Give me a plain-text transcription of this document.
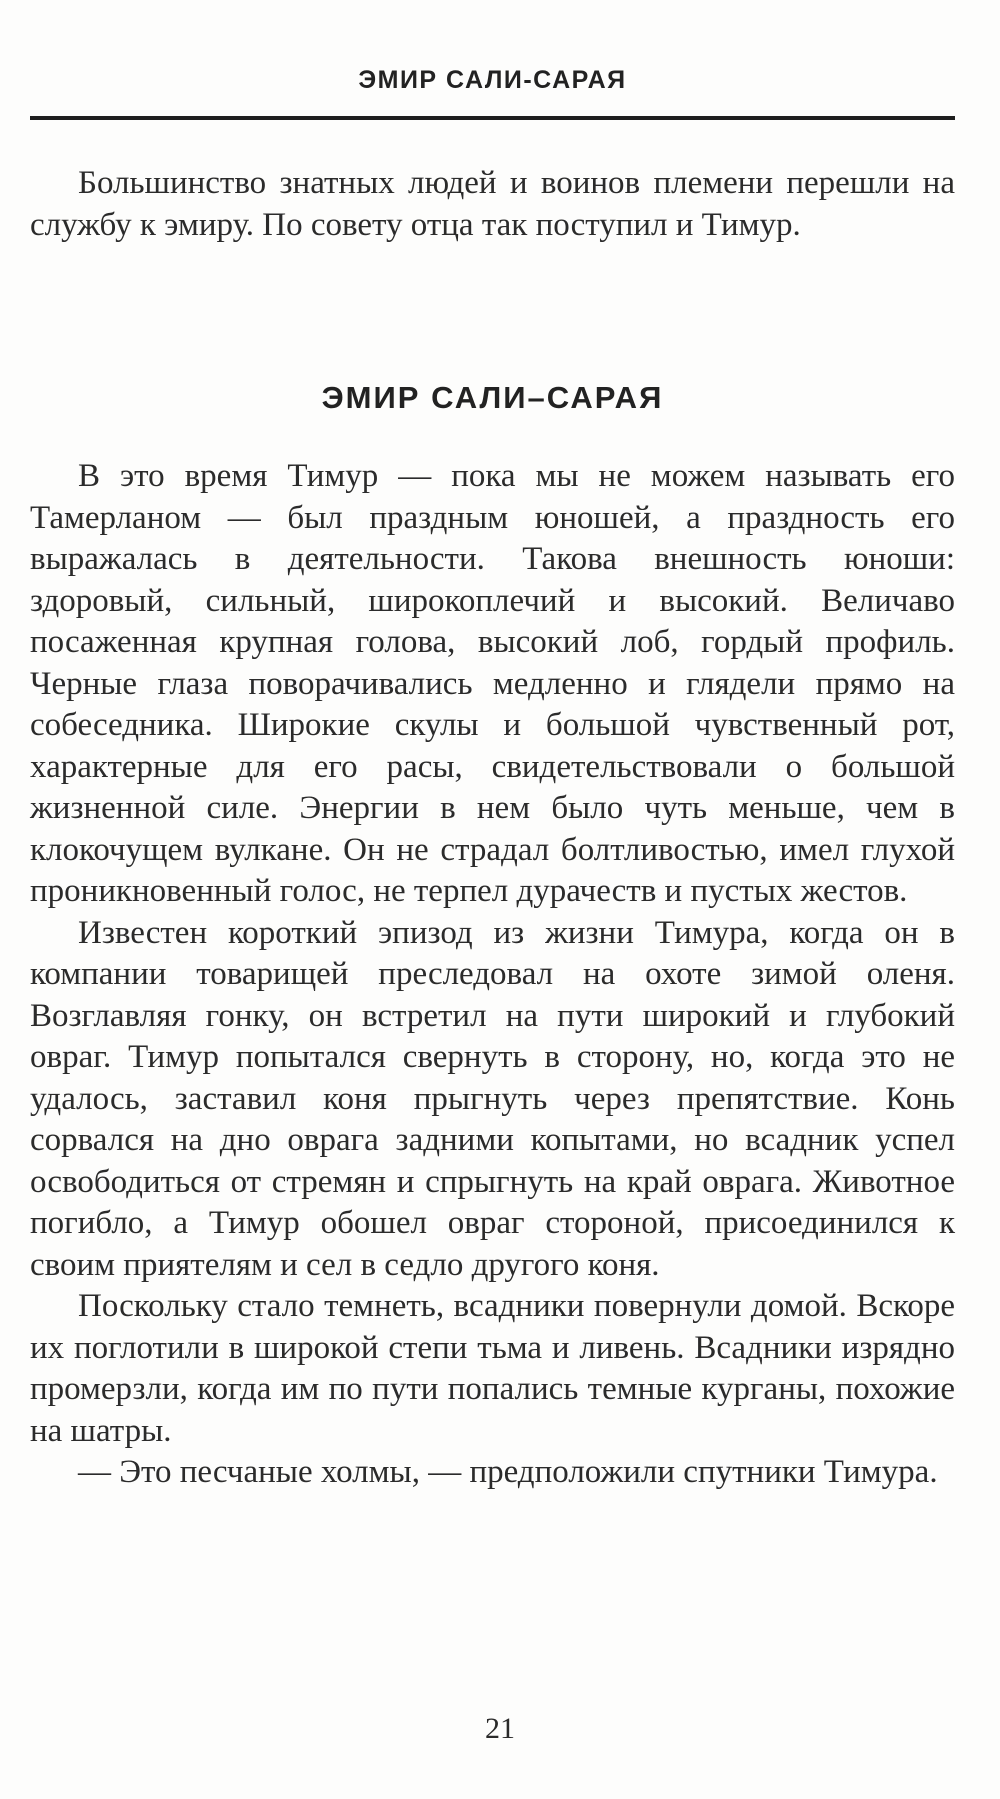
ЭМИР САЛИ-САРАЯ

Большинство знатных людей и воинов племени перешли на службу к эмиру. По совету отца так поступил и Тимур.

ЭМИР САЛИ–САРАЯ

В это время Тимур — пока мы не можем называть его Тамерланом — был праздным юношей, а праздность его выражалась в деятельности. Такова внешность юноши: здоровый, сильный, широкоплечий и высокий. Величаво посаженная крупная голова, высокий лоб, гордый профиль. Черные глаза поворачивались медленно и глядели прямо на собеседника. Широкие скулы и большой чувственный рот, характерные для его расы, свидетельствовали о большой жизненной силе. Энергии в нем было чуть меньше, чем в клокочущем вулкане. Он не страдал болтливостью, имел глухой проникновенный голос, не терпел дурачеств и пустых жестов.

Известен короткий эпизод из жизни Тимура, когда он в компании товарищей преследовал на охоте зимой оленя. Возглавляя гонку, он встретил на пути широкий и глубокий овраг. Тимур попытался свернуть в сторону, но, когда это не удалось, заставил коня прыгнуть через препятствие. Конь сорвался на дно оврага задними копытами, но всадник успел освободиться от стремян и спрыгнуть на край оврага. Животное погибло, а Тимур обошел овраг стороной, присоединился к своим приятелям и сел в седло другого коня.

Поскольку стало темнеть, всадники повернули домой. Вскоре их поглотили в широкой степи тьма и ливень. Всадники изрядно промерзли, когда им по пути попались темные курганы, похожие на шатры.

— Это песчаные холмы, — предположили спутники Тимура.

21
